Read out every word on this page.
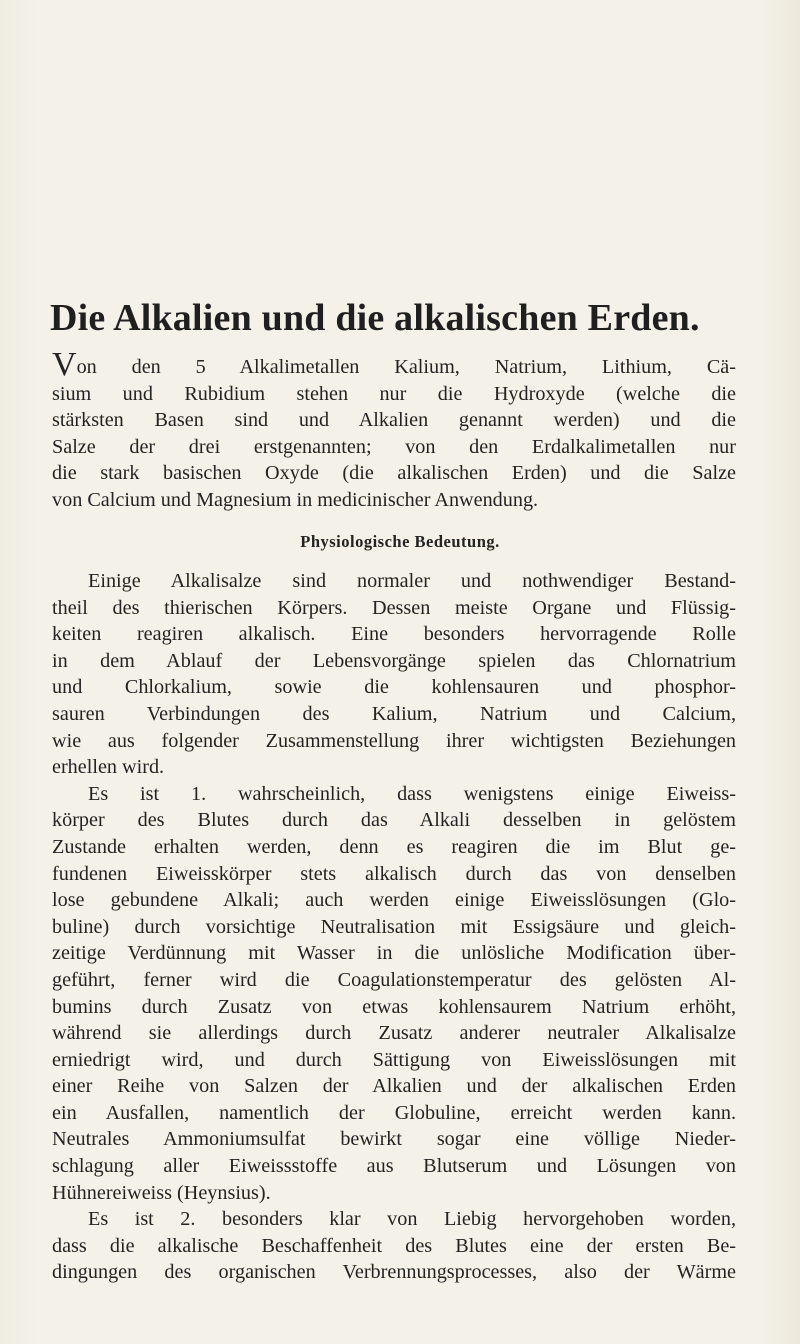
Die Alkalien und die alkalischen Erden.
Von den 5 Alkalimetallen Kalium, Natrium, Lithium, Cä-
sium und Rubidium stehen nur die Hydroxyde (welche die
stärksten Basen sind und Alkalien genannt werden) und die
Salze der drei erstgenannten; von den Erdalkalimetallen nur
die stark basischen Oxyde (die alkalischen Erden) und die Salze
von Calcium und Magnesium in medicinischer Anwendung.
Physiologische Bedeutung.
Einige Alkalisalze sind normaler und nothwendiger Bestand-
theil des thierischen Körpers. Dessen meiste Organe und Flüssig-
keiten reagiren alkalisch. Eine besonders hervorragende Rolle
in dem Ablauf der Lebensvorgänge spielen das Chlornatrium
und Chlorkalium, sowie die kohlensauren und phosphor-
sauren Verbindungen des Kalium, Natrium und Calcium,
wie aus folgender Zusammenstellung ihrer wichtigsten Beziehungen
erhellen wird.
Es ist 1. wahrscheinlich, dass wenigstens einige Eiweiss-
körper des Blutes durch das Alkali desselben in gelöstem
Zustande erhalten werden, denn es reagiren die im Blut ge-
fundenen Eiweisskörper stets alkalisch durch das von denselben
lose gebundene Alkali; auch werden einige Eiweisslösungen (Glo-
buline) durch vorsichtige Neutralisation mit Essigsäure und gleich-
zeitige Verdünnung mit Wasser in die unlösliche Modification über-
geführt, ferner wird die Coagulationstemperatur des gelösten Al-
bumins durch Zusatz von etwas kohlensaurem Natrium erhöht,
während sie allerdings durch Zusatz anderer neutraler Alkalisalze
erniedrigt wird, und durch Sättigung von Eiweisslösungen mit
einer Reihe von Salzen der Alkalien und der alkalischen Erden
ein Ausfallen, namentlich der Globuline, erreicht werden kann.
Neutrales Ammoniumsulfat bewirkt sogar eine völlige Nieder-
schlagung aller Eiweissstoffe aus Blutserum und Lösungen von
Hühnereiweiss (Heynsius).
Es ist 2. besonders klar von Liebig hervorgehoben worden,
dass die alkalische Beschaffenheit des Blutes eine der ersten Be-
dingungen des organischen Verbrennungsprocesses, also der Wärme
